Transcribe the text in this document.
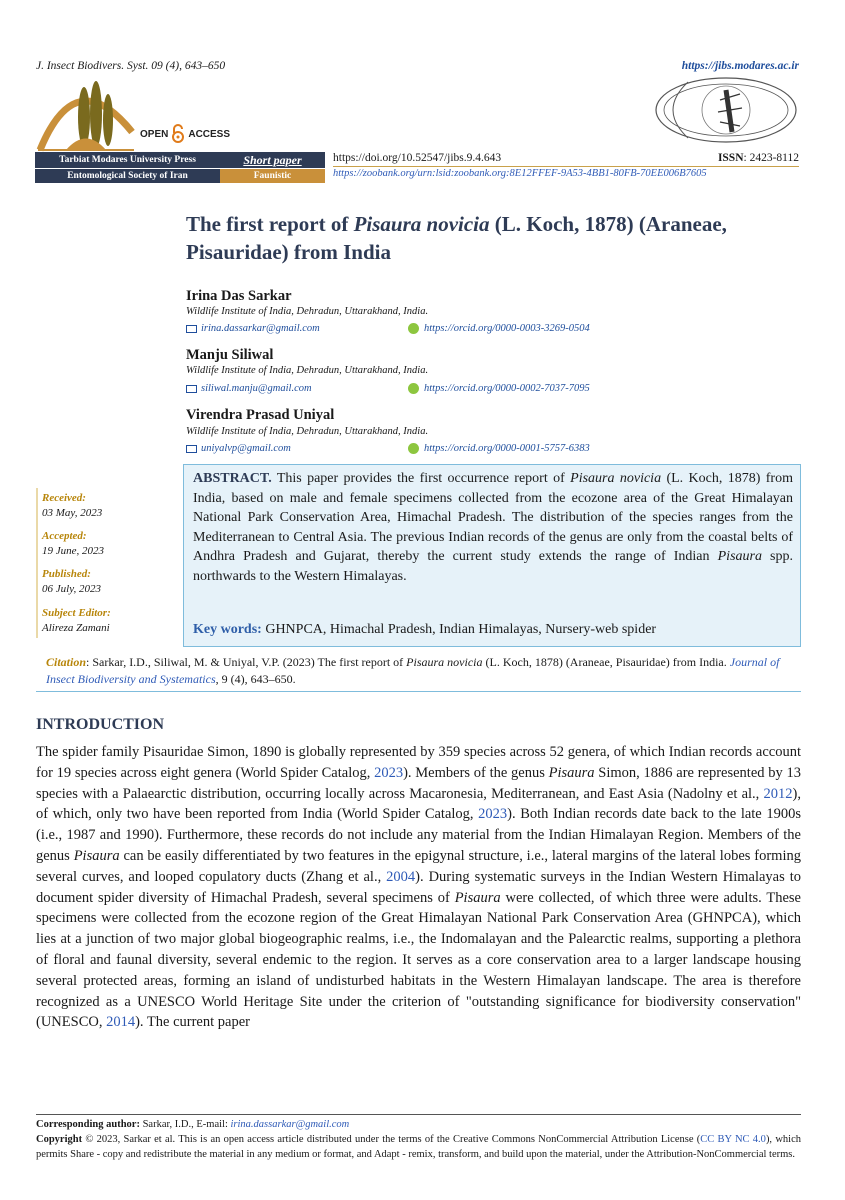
J. Insect Biodivers. Syst. 09 (4), 643–650	https://jibs.modares.ac.ir
OPEN ACCESS
Tarbiat Modares University Press	Short paper
Entomological Society of Iran	Faunistic
https://doi.org/10.52547/jibs.9.4.643	ISSN: 2423-8112
https://zoobank.org/urn:lsid:zoobank.org:8E12FFEF-9A53-4BB1-80FB-70EE006B7605
The first report of Pisaura novicia (L. Koch, 1878) (Araneae,
Pisauridae) from India
Irina Das Sarkar
Wildlife Institute of India, Dehradun, Uttarakhand, India.
irina.dassarkar@gmail.com	https://orcid.org/0000-0003-3269-0504
Manju Siliwal
Wildlife Institute of India, Dehradun, Uttarakhand, India.
siliwal.manju@gmail.com	https://orcid.org/0000-0002-7037-7095
Virendra Prasad Uniyal
Wildlife Institute of India, Dehradun, Uttarakhand, India.
uniyalvp@gmail.com	https://orcid.org/0000-0001-5757-6383
Received:
03 May, 2023
Accepted:
19 June, 2023
Published:
06 July, 2023
Subject Editor:
Alireza Zamani
ABSTRACT. This paper provides the first occurrence report of Pisaura novicia (L. Koch, 1878) from India, based on male and female specimens collected from the ecozone area of the Great Himalayan National Park Conservation Area, Himachal Pradesh. The distribution of the species ranges from the Mediterranean to Central Asia. The previous Indian records of the genus are only from the coastal belts of Andhra Pradesh and Gujarat, thereby the current study extends the range of Indian Pisaura spp. northwards to the Western Himalayas.
Key words: GHNPCA, Himachal Pradesh, Indian Himalayas, Nursery-web spider
Citation: Sarkar, I.D., Siliwal, M. & Uniyal, V.P. (2023) The first report of Pisaura novicia (L. Koch, 1878) (Araneae, Pisauridae) from India. Journal of Insect Biodiversity and Systematics, 9 (4), 643–650.
INTRODUCTION
The spider family Pisauridae Simon, 1890 is globally represented by 359 species across 52 genera, of which Indian records account for 19 species across eight genera (World Spider Catalog, 2023). Members of the genus Pisaura Simon, 1886 are represented by 13 species with a Palaearctic distribution, occurring locally across Macaronesia, Mediterranean, and East Asia (Nadolny et al., 2012), of which, only two have been reported from India (World Spider Catalog, 2023). Both Indian records date back to the late 1900s (i.e., 1987 and 1990). Furthermore, these records do not include any material from the Indian Himalayan Region. Members of the genus Pisaura can be easily differentiated by two features in the epigynal structure, i.e., lateral margins of the lateral lobes forming several curves, and looped copulatory ducts (Zhang et al., 2004). During systematic surveys in the Indian Western Himalayas to document spider diversity of Himachal Pradesh, several specimens of Pisaura were collected, of which three were adults. These specimens were collected from the ecozone region of the Great Himalayan National Park Conservation Area (GHNPCA), which lies at a junction of two major global biogeographic realms, i.e., the Indomalayan and the Palearctic realms, supporting a plethora of floral and faunal diversity, several endemic to the region. It serves as a core conservation area to a larger landscape housing several protected areas, forming an island of undisturbed habitats in the Western Himalayan landscape. The area is therefore recognized as a UNESCO World Heritage Site under the criterion of "outstanding significance for biodiversity conservation" (UNESCO, 2014). The current paper
Corresponding author: Sarkar, I.D., E-mail: irina.dassarkar@gmail.com
Copyright © 2023, Sarkar et al. This is an open access article distributed under the terms of the Creative Commons NonCommercial Attribution License (CC BY NC 4.0), which permits Share - copy and redistribute the material in any medium or format, and Adapt - remix, transform, and build upon the material, under the Attribution-NonCommercial terms.
